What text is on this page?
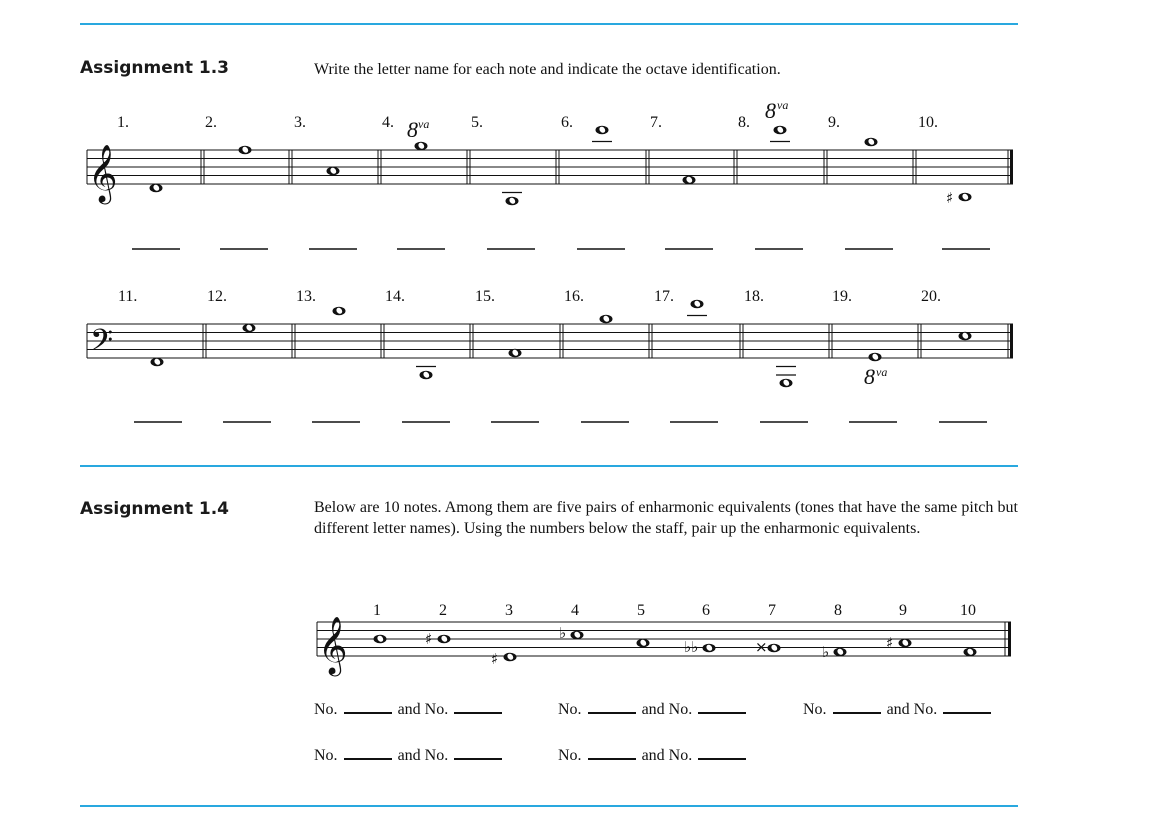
Assignment 1.3	Write the letter name for each note and indicate the octave identification.
Assignment 1.4	Below are 10 notes. Among them are five pairs of enharmonic equivalents (tones that have the same pitch but different letter names). Using the numbers below the staff, pair up the enharmonic equivalents.
𝄞
1.	2.	3.	4.	5.	6.	7.	8.	9.	10.
8 va
8 va
♯
𝄢
11.	12.	13.	14.	15.	16.	17.	18.	19.	20.
8 va
𝄞
1	2	3	4	5	6	7	8	9	10
♯
♯
♭
♭♭	×	♭	♯
No.	and No.	No.	and No.	No.	and No.
No.	and No.	No.	and No.
